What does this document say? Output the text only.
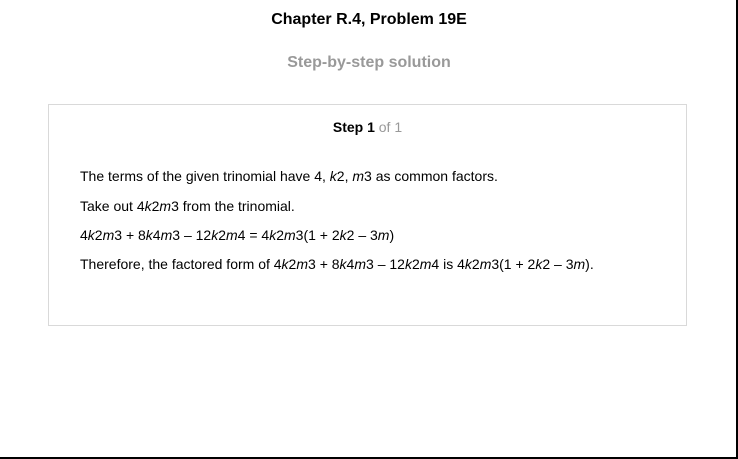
Chapter R.4, Problem 19E
Step-by-step solution
Step 1 of 1
The terms of the given trinomial have 4, k2, m3 as common factors.
Take out 4k2m3 from the trinomial.
4k2m3 + 8k4m3 – 12k2m4 = 4k2m3(1 + 2k2 – 3m)
Therefore, the factored form of 4k2m3 + 8k4m3 – 12k2m4 is 4k2m3(1 + 2k2 – 3m).
